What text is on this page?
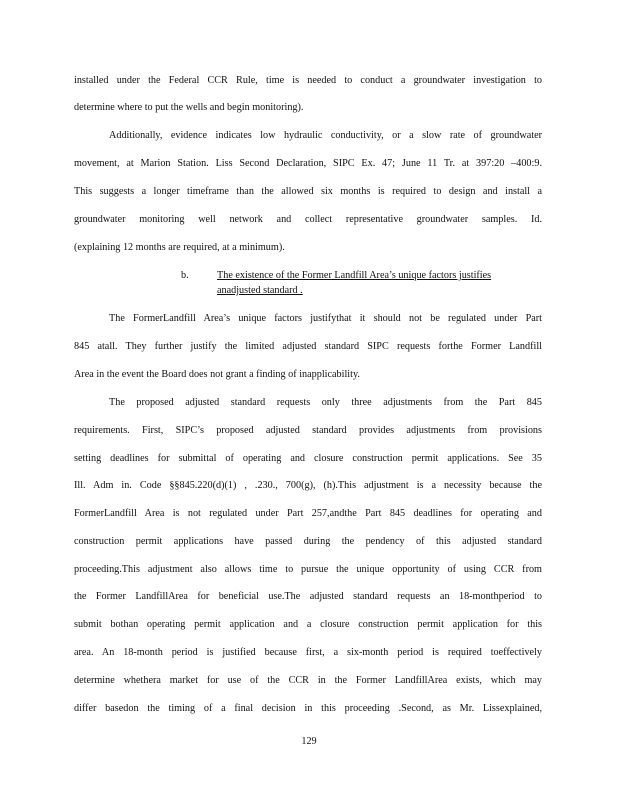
installed under the Federal CCR Rule, time is needed to conduct a groundwater investigation to
determine where to put the wells and begin monitoring).
Additionally, evidence indicates low hydraulic conductivity, or a slow rate of groundwater
movement, at Marion Station. Liss Second Declaration, SIPC Ex. 47; June 11 Tr. at 397:20 –400:9.
This suggests a longer timeframe than the allowed six months is required to design and install a
groundwater monitoring well network and collect representative groundwater samples. Id.
(explaining 12 months are required, at a minimum).
b.	The existence of the Former Landfill Area’s unique factors justifies
anadjusted standard .
The FormerLandfill Area’s unique factors justifythat it should not be regulated under Part
845 atall. They further justify the limited adjusted standard SIPC requests forthe Former Landfill
Area in the event the Board does not grant a finding of inapplicability.
The proposed adjusted standard requests only three adjustments from the Part 845
requirements. First, SIPC’s proposed adjusted standard provides adjustments from provisions
setting deadlines for submittal of operating and closure construction permit applications. See 35
Ill. Adm in. Code §§845.220(d)(1) , .230., 700(g), (h).This adjustment is a necessity because the
FormerLandfill Area is not regulated under Part 257,andthe Part 845 deadlines for operating and
construction permit applications have passed during the pendency of this adjusted standard
proceeding.This adjustment also allows time to pursue the unique opportunity of using CCR from
the Former LandfillArea for beneficial use.The adjusted standard requests an 18-monthperiod to
submit bothan operating permit application and a closure construction permit application for this
area. An 18-month period is justified because first, a six-month period is required toeffectively
determine whethera market for use of the CCR in the Former LandfillArea exists, which may
differ basedon the timing of a final decision in this proceeding .Second, as Mr. Lissexplained,
129
